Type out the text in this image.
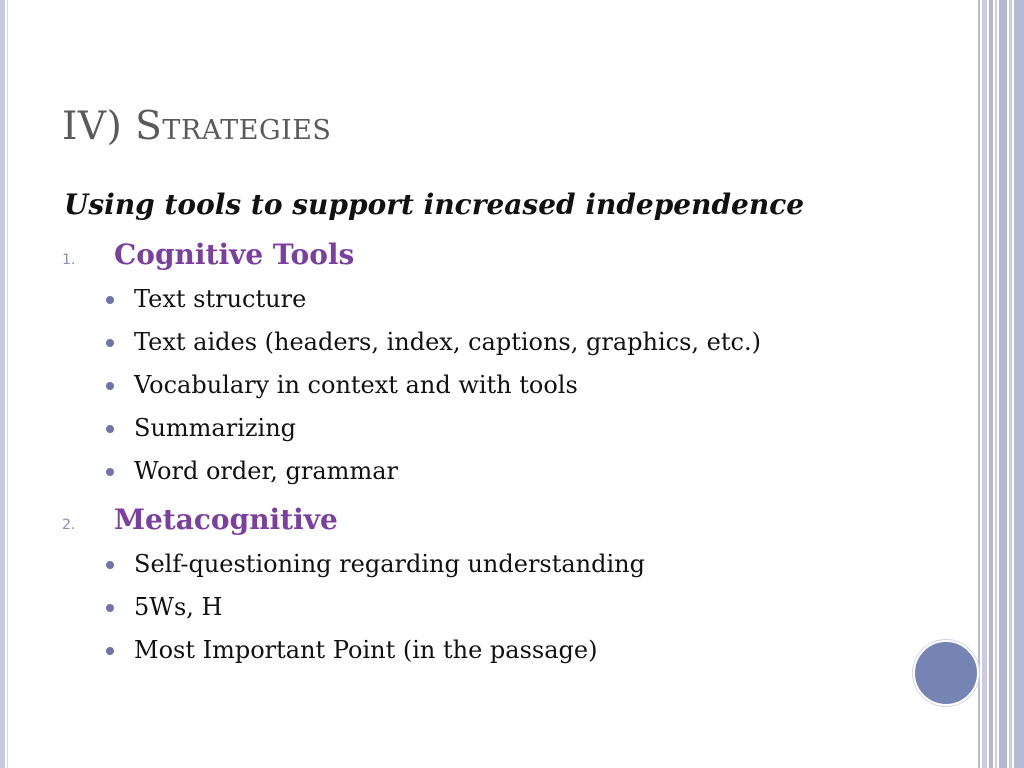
IV) Strategies
Using tools to support increased independence
1. Cognitive Tools
Text structure
Text aides (headers, index, captions, graphics, etc.)
Vocabulary in context and with tools
Summarizing
Word order, grammar
2. Metacognitive
Self-questioning regarding understanding
5Ws, H
Most Important Point (in the passage)
